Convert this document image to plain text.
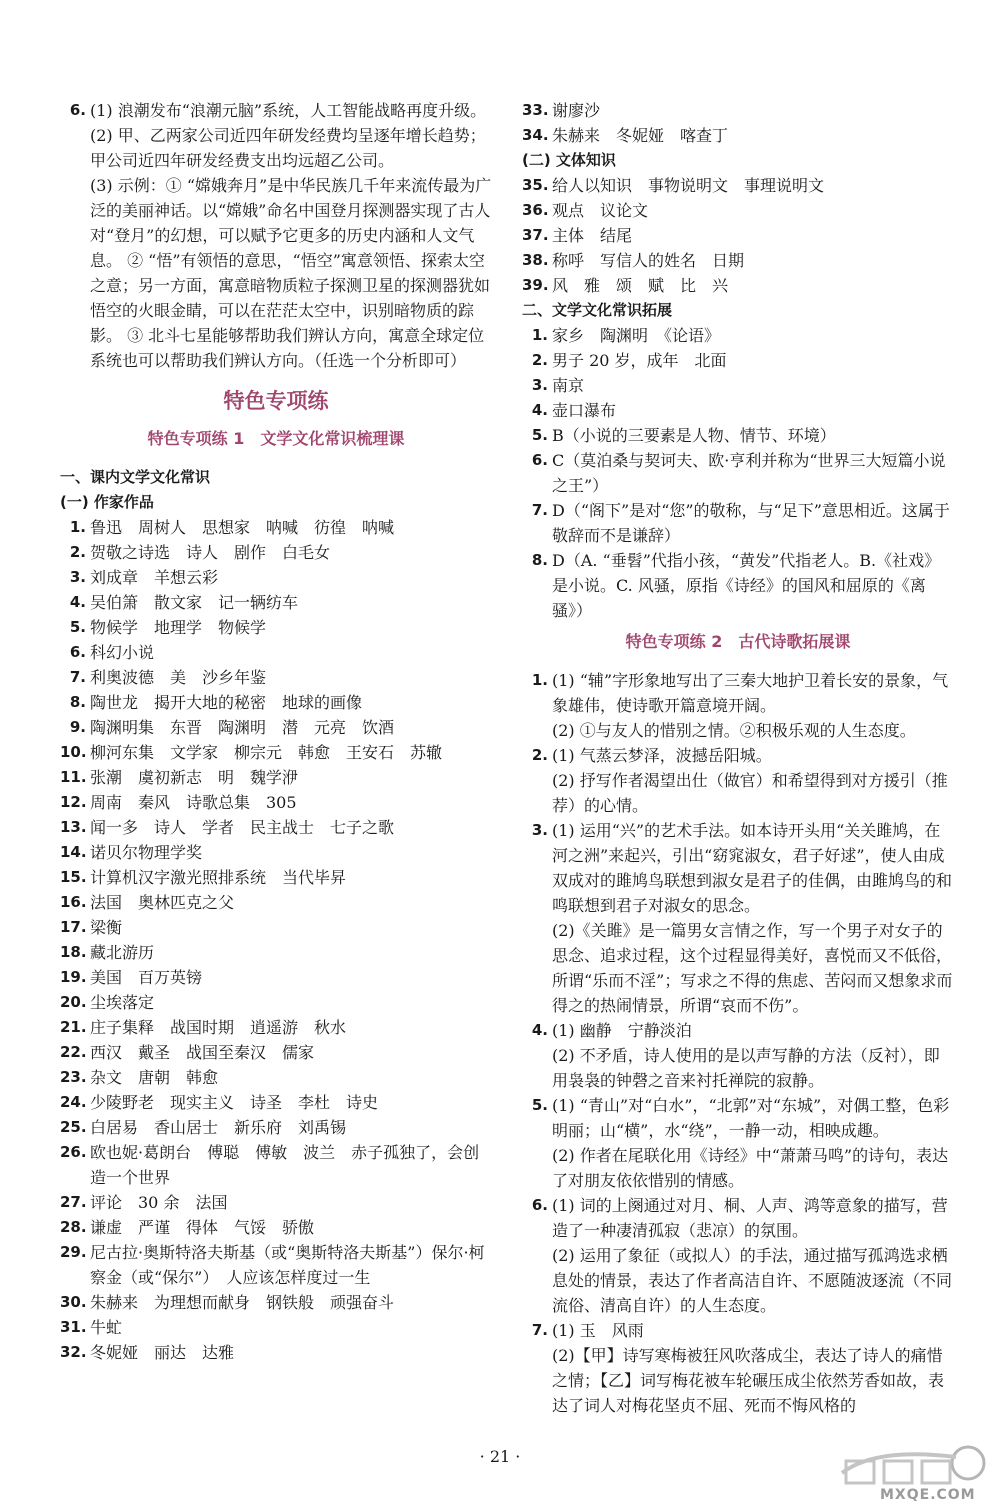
6. (1) 浪潮发布“浪潮元脑”系统，人工智能战略再度升级。

(2) 甲、乙两家公司近四年研发经费均呈逐年增长趋势；甲公司近四年研发经费支出均远超乙公司。

(3) 示例：① “嫦娥奔月”是中华民族几千年来流传最为广泛的美丽神话。以“嫦娥”命名中国登月探测器实现了古人对“登月”的幻想，可以赋予它更多的历史内涵和人文气息。 ② “悟”有领悟的意思，“悟空”寓意领悟、探索太空之意；另一方面，寓意暗物质粒子探测卫星的探测器犹如悟空的火眼金睛，可以在茫茫太空中，识别暗物质的踪影。 ③ 北斗七星能够帮助我们辨认方向，寓意全球定位系统也可以帮助我们辨认方向。（任选一个分析即可）

特色专项练
特色专项练 1　文学文化常识梳理课

一、课内文学文化常识

(一) 作家作品

1. 鲁迅　周树人　思想家　呐喊　彷徨　呐喊

2. 贺敬之诗选　诗人　剧作　白毛女

3. 刘成章　羊想云彩

4. 吴伯箫　散文家　记一辆纺车

5. 物候学　地理学　物候学

6. 科幻小说

7. 利奥波德　美　沙乡年鉴

8. 陶世龙　揭开大地的秘密　地球的画像

9. 陶渊明集　东晋　陶渊明　潜　元亮　饮酒

10. 柳河东集　文学家　柳宗元　韩愈　王安石　苏辙

11. 张潮　虞初新志　明　魏学洢

12. 周南　秦风　诗歌总集　305

13. 闻一多　诗人　学者　民主战士　七子之歌

14. 诺贝尔物理学奖

15. 计算机汉字激光照排系统　当代毕昇

16. 法国　奥林匹克之父

17. 梁衡

18. 藏北游历

19. 美国　百万英镑

20. 尘埃落定

21. 庄子集释　战国时期　逍遥游　秋水

22. 西汉　戴圣　战国至秦汉　儒家

23. 杂文　唐朝　韩愈

24. 少陵野老　现实主义　诗圣　李杜　诗史

25. 白居易　香山居士　新乐府　刘禹锡

26. 欧也妮·葛朗台　傅聪　傅敏　波兰　赤子孤独了，会创造一个世界

27. 评论　30 余　法国

28. 谦虚　严谨　得体　气馁　骄傲

29. 尼古拉·奥斯特洛夫斯基（或“奥斯特洛夫斯基”）保尔·柯察金（或“保尔”）　人应该怎样度过一生

30. 朱赫来　为理想而献身　钢铁般　顽强奋斗

31. 牛虻

32. 冬妮娅　丽达　达雅

33. 谢廖沙

34. 朱赫来　冬妮娅　喀查丁

(二) 文体知识

35. 给人以知识　事物说明文　事理说明文

36. 观点　议论文

37. 主体　结尾

38. 称呼　写信人的姓名　日期

39. 风　雅　颂　赋　比　兴

二、文学文化常识拓展

1. 家乡　陶渊明　《论语》

2. 男子 20 岁，成年　北面

3. 南京

4. 壶口瀑布

5. B（小说的三要素是人物、情节、环境）

6. C（莫泊桑与契诃夫、欧·亨利并称为“世界三大短篇小说之王”）

7. D（“阁下”是对“您”的敬称，与“足下”意思相近。这属于敬辞而不是谦辞）

8. D（A. “垂髫”代指小孩，“黄发”代指老人。B.《社戏》是小说。C. 风骚，原指《诗经》的国风和屈原的《离骚》）

特色专项练 2　古代诗歌拓展课

1. (1) “辅”字形象地写出了三秦大地护卫着长安的景象，气象雄伟，使诗歌开篇意境开阔。

(2) ①与友人的惜别之情。②积极乐观的人生态度。

2. (1) 气蒸云梦泽，波撼岳阳城。

(2) 抒写作者渴望出仕（做官）和希望得到对方援引（推荐）的心情。

3. (1) 运用“兴”的艺术手法。如本诗开头用“关关雎鸠，在河之洲”来起兴，引出“窈窕淑女，君子好逑”，使人由成双成对的雎鸠鸟联想到淑女是君子的佳偶，由雎鸠鸟的和鸣联想到君子对淑女的思念。

(2)《关雎》是一篇男女言情之作，写一个男子对女子的思念、追求过程，这个过程显得美好，喜悦而又不低俗，所谓“乐而不淫”；写求之不得的焦虑、苦闷而又想象求而得之的热闹情景，所谓“哀而不伤”。

4. (1) 幽静　宁静淡泊

(2) 不矛盾，诗人使用的是以声写静的方法（反衬），即用袅袅的钟磬之音来衬托禅院的寂静。

5. (1) “青山”对“白水”，“北郭”对“东城”，对偶工整，色彩明丽；山“横”，水“绕”，一静一动，相映成趣。

(2) 作者在尾联化用《诗经》中“萧萧马鸣”的诗句，表达了对朋友依依惜别的情感。

6. (1) 词的上阕通过对月、桐、人声、鸿等意象的描写，营造了一种凄清孤寂（悲凉）的氛围。

(2) 运用了象征（或拟人）的手法，通过描写孤鸿选求栖息处的情景，表达了作者高洁自许、不愿随波逐流（不同流俗、清高自许）的人生态度。

7. (1) 玉　风雨

(2)【甲】诗写寒梅被狂风吹落成尘，表达了诗人的痛惜之情；【乙】词写梅花被车轮碾压成尘依然芳香如故，表达了词人对梅花坚贞不屈、死而不悔风格的

· 21 ·
MXQE.COM
